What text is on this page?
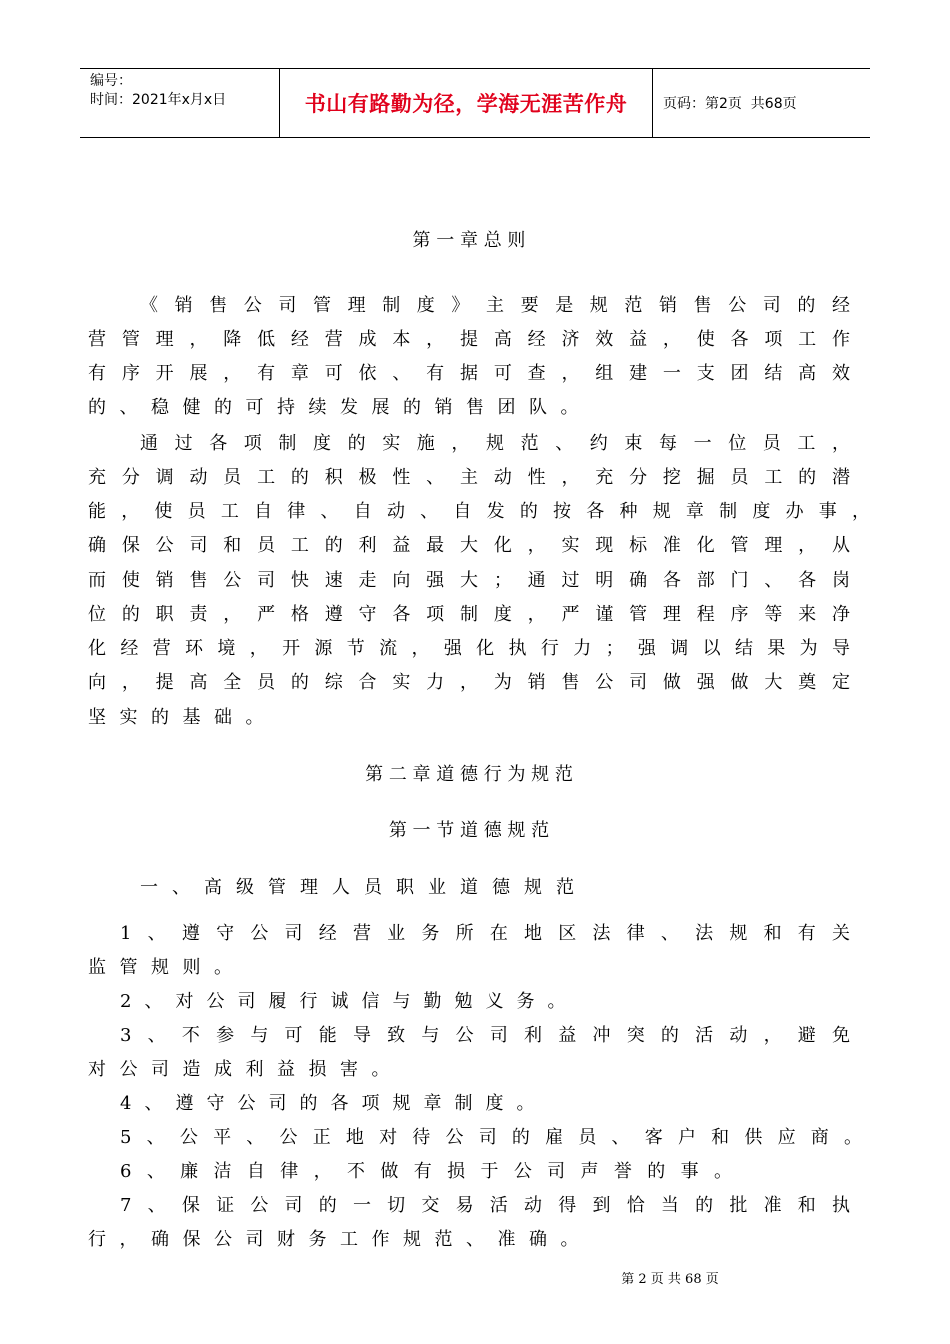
编号：
时间：2021年x月x日	书山有路勤为径，学海无涯苦作舟	页码：第2页  共68页
第 一 章 总 则
《销售公司管理制度》主要是规范销售公司的经
营管理，降低经营成本，提高经济效益，使各项工作
有序开展，有章可依、有据可查，组建一支团结高效
的、稳健的可持续发展的销售团队。
通过各项制度的实施，规范、约束每一位员工，
充分调动员工的积极性、主动性，充分挖掘员工的潜
能，使员工自律、自动、自发的按各种规章制度办事，
确保公司和员工的利益最大化，实现标准化管理，从
而使销售公司快速走向强大；通过明确各部门、各岗
位的职责，严格遵守各项制度，严谨管理程序等来净
化经营环境，开源节流，强化执行力；强调以结果为导
向，提高全员的综合实力，为销售公司做强做大奠定
坚实的基础。
第 二 章 道 德 行 为 规 范
第 一 节 道 德 规 范
一、高级管理人员职业道德规范
1、遵守公司经营业务所在地区法律、法规和有关
监管规则。
2、对公司履行诚信与勤勉义务。
3、不参与可能导致与公司利益冲突的活动，避免
对公司造成利益损害。
4、遵守公司的各项规章制度。
5、公平、公正地对待公司的雇员、客户和供应商。
6、廉洁自律，不做有损于公司声誉的事。
7、保证公司的一切交易活动得到恰当的批准和执
行，确保公司财务工作规范、准确。
第 2 页 共 68 页
